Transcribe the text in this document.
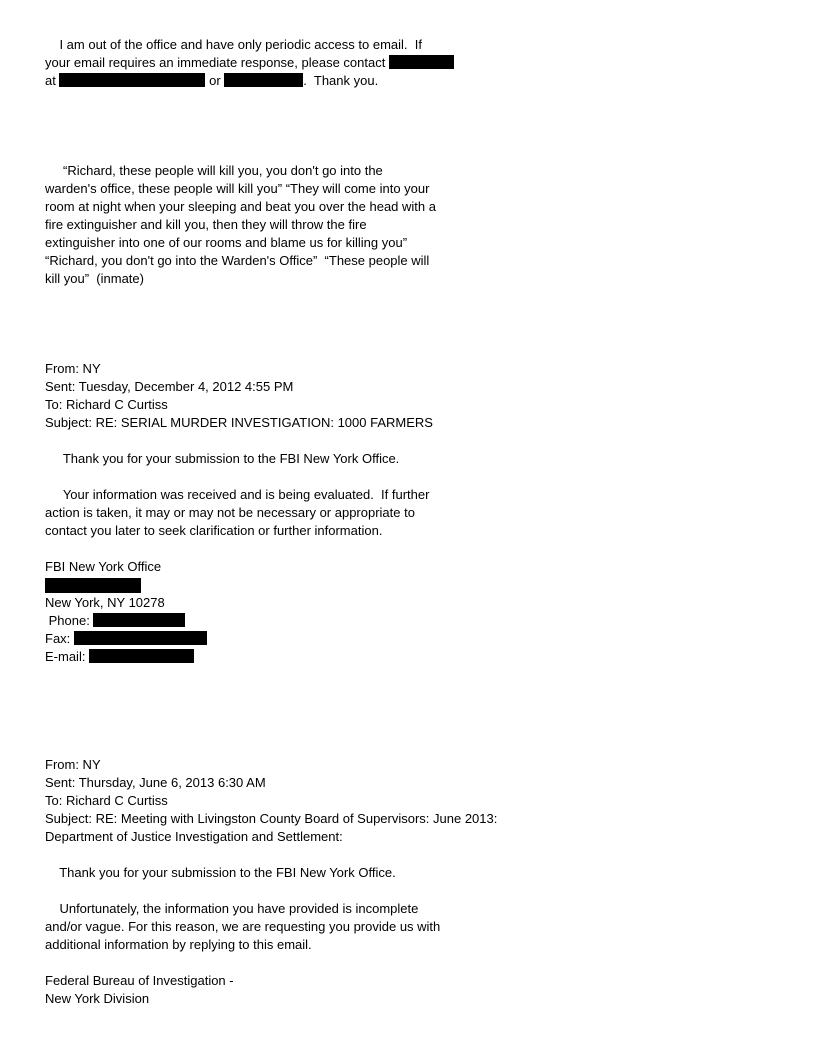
I am out of the office and have only periodic access to email.  If
your email requires an immediate response, please contact
at	or	.  Thank you.
“Richard, these people will kill you, you don't go into the
warden's office, these people will kill you” “They will come into your
room at night when your sleeping and beat you over the head with a
fire extinguisher and kill you, then they will throw the fire
extinguisher into one of our rooms and blame us for killing you”
“Richard, you don't go into the Warden's Office”  “These people will
kill you”  (inmate)
From: NY
Sent: Tuesday, December 4, 2012 4:55 PM
To: Richard C Curtiss
Subject: RE: SERIAL MURDER INVESTIGATION: 1000 FARMERS
Thank you for your submission to the FBI New York Office.
Your information was received and is being evaluated.  If further
action is taken, it may or may not be necessary or appropriate to
contact you later to seek clarification or further information.
FBI New York Office
New York, NY 10278
Phone:
Fax:
E-mail:
From: NY
Sent: Thursday, June 6, 2013 6:30 AM
To: Richard C Curtiss
Subject: RE: Meeting with Livingston County Board of Supervisors: June 2013:
Department of Justice Investigation and Settlement:
Thank you for your submission to the FBI New York Office.
Unfortunately, the information you have provided is incomplete
and/or vague. For this reason, we are requesting you provide us with
additional information by replying to this email.
Federal Bureau of Investigation -
New York Division
